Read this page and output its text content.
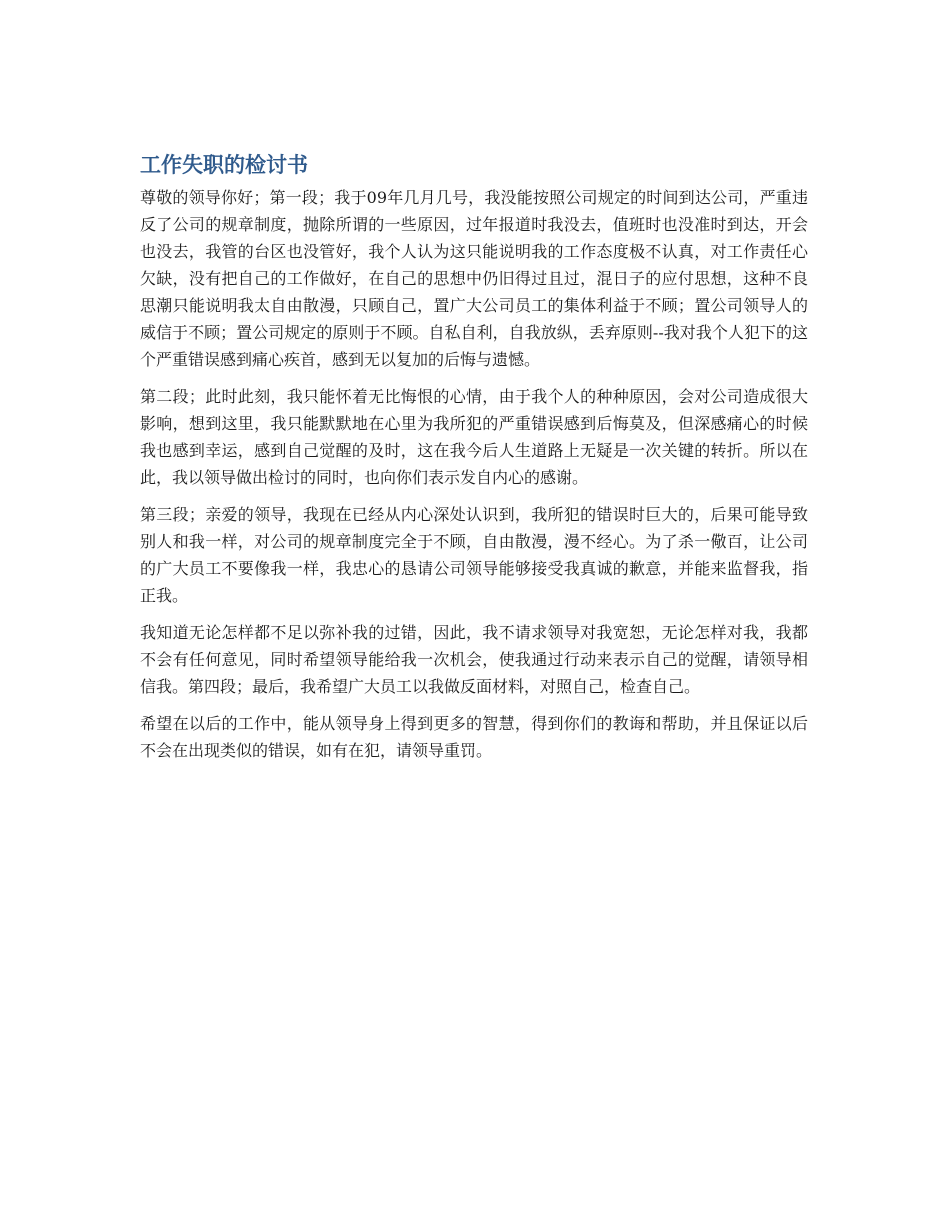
工作失职的检讨书

尊敬的领导你好；第一段；我于09年几月几号，我没能按照公司规定的时间到达公司，严重违反了公司的规章制度，抛除所谓的一些原因，过年报道时我没去，值班时也没准时到达，开会也没去，我管的台区也没管好，我个人认为这只能说明我的工作态度极不认真，对工作责任心欠缺，没有把自己的工作做好，在自己的思想中仍旧得过且过，混日子的应付思想，这种不良思潮只能说明我太自由散漫，只顾自己，置广大公司员工的集体利益于不顾；置公司领导人的威信于不顾；置公司规定的原则于不顾。自私自利，自我放纵，丢弃原则--我对我个人犯下的这个严重错误感到痛心疾首，感到无以复加的后悔与遗憾。

第二段；此时此刻，我只能怀着无比悔恨的心情，由于我个人的种种原因，会对公司造成很大影响，想到这里，我只能默默地在心里为我所犯的严重错误感到后悔莫及，但深感痛心的时候我也感到幸运，感到自己觉醒的及时，这在我今后人生道路上无疑是一次关键的转折。所以在此，我以领导做出检讨的同时，也向你们表示发自内心的感谢。

第三段；亲爱的领导，我现在已经从内心深处认识到，我所犯的错误时巨大的，后果可能导致别人和我一样，对公司的规章制度完全于不顾，自由散漫，漫不经心。为了杀一儆百，让公司的广大员工不要像我一样，我忠心的恳请公司领导能够接受我真诚的歉意，并能来监督我，指正我。

我知道无论怎样都不足以弥补我的过错，因此，我不请求领导对我宽恕，无论怎样对我，我都不会有任何意见，同时希望领导能给我一次机会，使我通过行动来表示自己的觉醒，请领导相信我。第四段；最后，我希望广大员工以我做反面材料，对照自己，检查自己。

希望在以后的工作中，能从领导身上得到更多的智慧，得到你们的教诲和帮助，并且保证以后不会在出现类似的错误，如有在犯，请领导重罚。
